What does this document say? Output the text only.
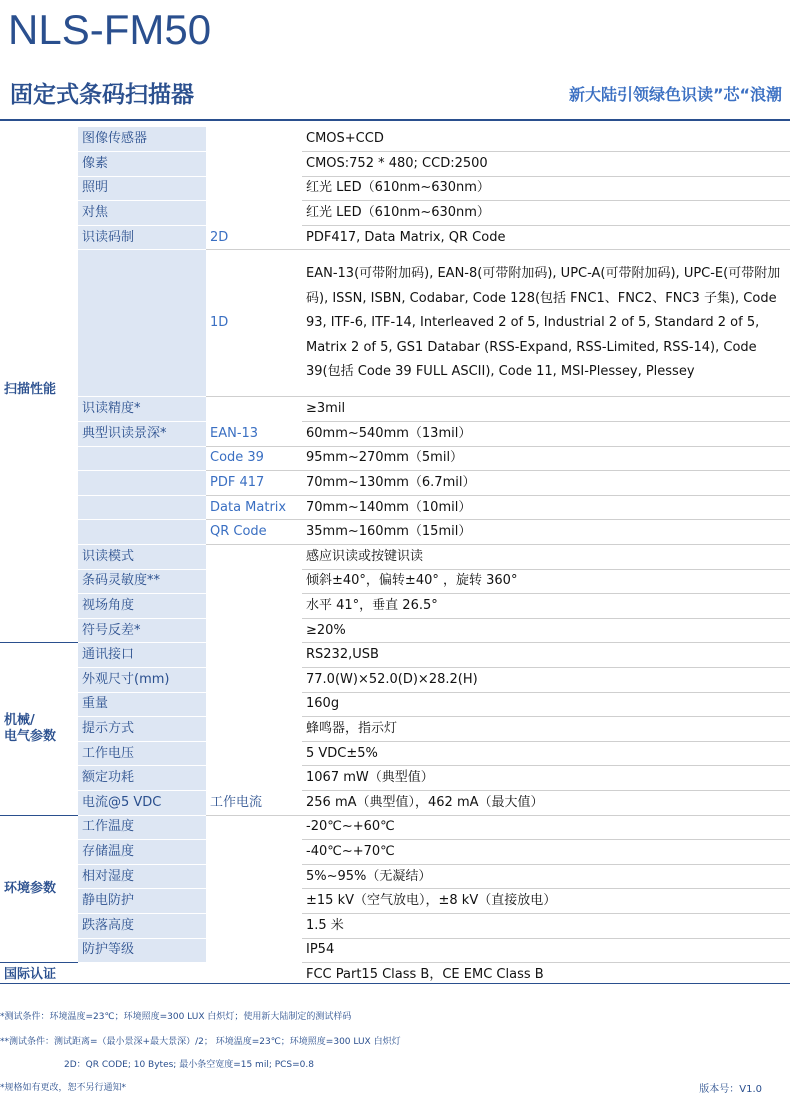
NLS-FM50
固定式条码扫描器	新大陆引领绿色识读”芯“浪潮
扫描性能	图像传感器		CMOS+CCD
	像素		CMOS:752 * 480; CCD:2500
	照明		红光 LED（610nm~630nm）
	对焦		红光 LED（610nm~630nm）
	识读码制	2D	PDF417, Data Matrix, QR Code
		1D	EAN-13(可带附加码), EAN-8(可带附加码), UPC-A(可带附加码), UPC-E(可带附加码), ISSN, ISBN, Codabar, Code 128(包括 FNC1、FNC2、FNC3 子集), Code 93, ITF-6, ITF-14, Interleaved 2 of 5, Industrial 2 of 5, Standard 2 of 5, Matrix 2 of 5, GS1 Databar (RSS-Expand, RSS-Limited, RSS-14), Code 39(包括 Code 39 FULL ASCII), Code 11, MSI-Plessey, Plessey
	识读精度*		≥3mil
	典型识读景深*	EAN-13	60mm~540mm（13mil）
		Code 39	95mm~270mm（5mil）
		PDF 417	70mm~130mm（6.7mil）
		Data Matrix	70mm~140mm（10mil）
		QR Code	35mm~160mm（15mil）
	识读模式		感应识读或按键识读
	条码灵敏度**		倾斜±40°，偏转±40° ，旋转 360°
	视场角度		水平 41°，垂直 26.5°
	符号反差*		≥20%

机械/
电气参数	通讯接口		RS232,USB
	外观尺寸(mm)		77.0(W)×52.0(D)×28.2(H)
	重量		160g
	提示方式		蜂鸣器，指示灯
	工作电压		5 VDC±5%
	额定功耗		1067 mW（典型值）
	电流@5 VDC	工作电流	256 mA（典型值），462 mA（最大值）

环境参数	工作温度		-20℃~+60℃
	存储温度		-40℃~+70℃
	相对湿度		5%~95%（无凝结）
	静电防护		±15 kV（空气放电），±8 kV（直接放电）
	跌落高度		1.5 米
	防护等级		IP54

国际认证			FCC Part15 Class B，CE EMC Class B
*测试条件：环境温度=23℃；环境照度=300 LUX 白炽灯；使用新大陆制定的测试样码
**测试条件：测试距离=（最小景深+最大景深）/2； 环境温度=23℃；环境照度=300 LUX 白炽灯
2D：QR CODE; 10 Bytes; 最小条空宽度=15 mil; PCS=0.8
*规格如有更改，恕不另行通知*	版本号：V1.0
